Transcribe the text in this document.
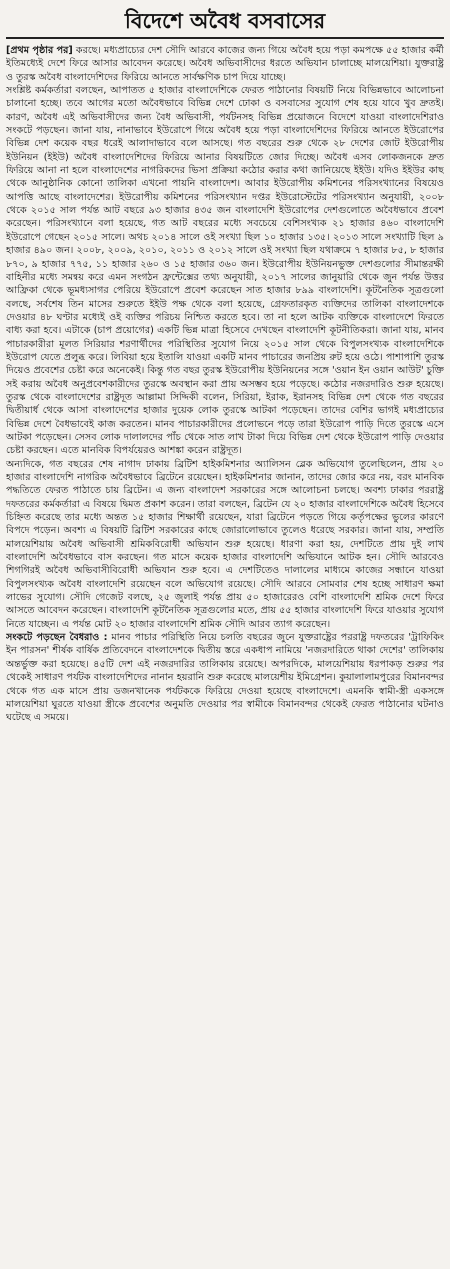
বিদেশে অবৈধ বসবাসের

[প্রথম পৃষ্ঠার পর] করছে। মধ্যপ্রাচ্যের দেশ সৌদি আরবে কাজের জন্য গিয়ে অবৈধ হয়ে পড়া কমপক্ষে ৫৫ হাজার কর্মী ইতিমধ্যেই দেশে ফিরে আসার আবেদন করেছে। অবৈধ অভিবাসীদের ধরতে অভিযান চালাচ্ছে মালয়েশিয়া। যুক্তরাষ্ট্র ও তুরস্ক অবৈধ বাংলাদেশিদের ফিরিয়ে আনতে সার্বক্ষণিক চাপ দিয়ে যাচ্ছে।

সংশ্লিষ্ট কর্মকর্তারা বলছেন, আপাতত ৫ হাজার বাংলাদেশিকে ফেরত পাঠানোর বিষয়টি নিয়ে বিভিন্নভাবে আলোচনা চালানো হচ্ছে। তবে আগের মতো অবৈধভাবে বিভিন্ন দেশে ঢোকা ও বসবাসের সুযোগ শেষ হয়ে যাবে খুব দ্রুতই। কারণ, অবৈধ এই অভিবাসীদের জন্য বৈধ অভিবাসী, পর্যটনসহ বিভিন্ন প্রয়োজনে বিদেশে যাওয়া বাংলাদেশিরাও সংকটে পড়ছেন। জানা যায়, নানাভাবে ইউরোপে গিয়ে অবৈধ হয়ে পড়া বাংলাদেশিদের ফিরিয়ে আনতে ইউরোপের বিভিন্ন দেশ কয়েক বছর ধরেই আলাদাভাবে বলে আসছে। গত বছরের শুরু থেকে ২৮ দেশের জোট ইউরোপীয় ইউনিয়ন (ইইউ) অবৈধ বাংলাদেশিদের ফিরিয়ে আনার বিষয়টিতে জোর দিচ্ছে। অবৈধ এসব লোকজনকে দ্রুত ফিরিয়ে আনা না হলে বাংলাদেশের নাগরিকদের ভিসা প্রক্রিয়া কঠোর করার কথা জানিয়েছে ইইউ। যদিও ইইউর কাছ থেকে আনুষ্ঠানিক কোনো তালিকা এখনো পায়নি বাংলাদেশ। আবার ইউরোপীয় কমিশনের পরিসংখ্যানের বিষয়েও আপত্তি আছে বাংলাদেশের। ইউরোপীয় কমিশনের পরিসংখ্যান দপ্তর ইউরোস্টেটের পরিসংখ্যান অনুযায়ী, ২০০৮ থেকে ২০১৫ সাল পর্যন্ত আট বছরে ৯৩ হাজার ৪৩৫ জন বাংলাদেশি ইউরোপের দেশগুলোতে অবৈধভাবে প্রবেশ করেছেন। পরিসংখ্যানে বলা হয়েছে, গত আট বছরের মধ্যে সবচেয়ে বেশিসংখ্যক ২১ হাজার ৪৬০ বাংলাদেশি ইউরোপে গেছেন ২০১৫ সালে। অথচ ২০১৪ সালে ওই সংখ্যা ছিল ১০ হাজার ১৩৫। ২০১৩ সালে সংখ্যাটি ছিল ৯ হাজার ৪৯০ জন। ২০০৮, ২০০৯, ২০১০, ২০১১ ও ২০১২ সালে ওই সংখ্যা ছিল যথাক্রমে ৭ হাজার ৮৫, ৮ হাজার ৮৭০, ৯ হাজার ৭৭৫, ১১ হাজার ২৬০ ও ১৫ হাজার ৩৬০ জন। ইউরোপীয় ইউনিয়নভুক্ত দেশগুলোর সীমান্তরক্ষী বাহিনীর মধ্যে সমন্বয় করে এমন সংগঠন ফ্রন্টেক্সের তথ্য অনুযায়ী, ২০১৭ সালের জানুয়ারি থেকে জুন পর্যন্ত উত্তর আফ্রিকা থেকে ভূমধ্যসাগর পেরিয়ে ইউরোপে প্রবেশ করেছেন সাত হাজার ৮৯৯ বাংলাদেশি। কূটনৈতিক সূত্রগুলো বলছে, সর্বশেষ তিন মাসের শুরুতে ইইউ পক্ষ থেকে বলা হয়েছে, গ্রেফতারকৃত ব্যক্তিদের তালিকা বাংলাদেশকে দেওয়ার ৪৮ ঘণ্টার মধ্যেই ওই ব্যক্তির পরিচয় নিশ্চিত করতে হবে। তা না হলে আটক ব্যক্তিকে বাংলাদেশে ফিরতে বাধ্য করা হবে। এটাকে (চাপ প্রয়োগের) একটি ভিন্ন মাত্রা হিসেবে দেখছেন বাংলাদেশি কূটনীতিকরা। জানা যায়, মানব পাচারকারীরা মূলত সিরিয়ার শরণার্থীদের পরিস্থিতির সুযোগ নিয়ে ২০১৫ সাল থেকে বিপুলসংখ্যক বাংলাদেশিকে ইউরোপ যেতে প্রলুব্ধ করে। লিবিয়া হয়ে ইতালি যাওয়া একটি মানব পাচারের জনপ্রিয় রুট হয়ে ওঠে। পাশাপাশি তুরস্ক দিয়েও প্রবেশের চেষ্টা করে অনেকেই। কিন্তু গত বছর তুরস্ক ইউরোপীয় ইউনিয়নের সঙ্গে 'ওয়ান ইন ওয়ান আউট' চুক্তি সই করায় অবৈধ অনুপ্রবেশকারীদের তুরস্কে অবস্থান করা প্রায় অসম্ভব হয়ে পড়েছে। কঠোর নজরদারিও শুরু হয়েছে। তুরস্ক থেকে বাংলাদেশের রাষ্ট্রদূত আল্লামা সিদ্দিকী বলেন, সিরিয়া, ইরাক, ইরানসহ বিভিন্ন দেশ থেকে গত বছরের দ্বিতীয়ার্ধ থেকে আসা বাংলাদেশের হাজার দুয়েক লোক তুরস্কে আটকা পড়েছেন। তাদের বেশির ভাগই মধ্যপ্রাচ্যের বিভিন্ন দেশে বৈধভাবেই কাজ করতেন। মানব পাচারকারীদের প্রলোভনে পড়ে তারা ইউরোপ পাড়ি দিতে তুরস্কে এসে আটকা পড়েছেন। সেসব লোক দালালদের পাঁচ থেকে সাত লাখ টাকা দিয়ে বিভিন্ন দেশ থেকে ইউরোপ পাড়ি দেওয়ার চেষ্টা করছেন। এতে মানবিক বিপর্যয়েরও আশঙ্কা করেন রাষ্ট্রদূত।

অন্যদিকে, গত বছরের শেষ নাগাদ ঢাকায় ব্রিটিশ হাইকমিশনার অ্যালিসন ব্লেক অভিযোগ তুলেছিলেন, প্রায় ২০ হাজার বাংলাদেশি নাগরিক অবৈধভাবে ব্রিটেনে রয়েছেন। হাইকমিশনার জানান, তাদের জোর করে নয়, বরং মানবিক পদ্ধতিতে ফেরত পাঠাতে চায় ব্রিটেন। এ জন্য বাংলাদেশ সরকারের সঙ্গে আলোচনা চলছে। অবশ্য ঢাকার পররাষ্ট্র দফতরের কর্মকর্তারা এ বিষয়ে দ্বিমত প্রকাশ করেন। তারা বলছেন, ব্রিটেন যে ২০ হাজার বাংলাদেশিকে অবৈধ হিসেবে চিহ্নিত করেছে তার মধ্যে অন্তত ১৫ হাজার শিক্ষার্থী রয়েছেন, যারা ব্রিটেনে পড়তে গিয়ে কর্তৃপক্ষের ভুলের কারণে বিপদে পড়েন। অবশ্য এ বিষয়টি ব্রিটিশ সরকারের কাছে জোরালোভাবে তুলেও ধরেছে সরকার। জানা যায়, সম্প্রতি মালয়েশিয়ায় অবৈধ অভিবাসী শ্রমিকবিরোধী অভিযান শুরু হয়েছে। ধারণা করা হয়, দেশটিতে প্রায় দুই লাখ বাংলাদেশি অবৈধভাবে বাস করছেন। গত মাসে কয়েক হাজার বাংলাদেশি অভিযানে আটক হন। সৌদি আরবেও শিগগিরই অবৈধ অভিবাসীবিরোধী অভিযান শুরু হবে। এ দেশটিতেও দালালের মাধ্যমে কাজের সন্ধানে যাওয়া বিপুলসংখ্যক অবৈধ বাংলাদেশি রয়েছেন বলে অভিযোগ রয়েছে। সৌদি আরবে সোমবার শেষ হচ্ছে সাধারণ ক্ষমা লাভের সুযোগ। সৌদি গেজেট বলছে, ২৫ জুলাই পর্যন্ত প্রায় ৫০ হাজারেরও বেশি বাংলাদেশি শ্রমিক দেশে ফিরে আসতে আবেদন করেছেন। বাংলাদেশি কূটনৈতিক সূত্রগুলোর মতে, প্রায় ৫৫ হাজার বাংলাদেশি ফিরে যাওয়ার সুযোগ নিতে যাচ্ছেন। এ পর্যন্ত মোট ২০ হাজার বাংলাদেশি শ্রমিক সৌদি আরব ত্যাগ করেছেন।

সংকটে পড়ছেন বৈধরাও : মানব পাচার পরিস্থিতি নিয়ে চলতি বছরের জুনে যুক্তরাষ্ট্রের পররাষ্ট্র দফতরের 'ট্রাফিকিং ইন পারসন' শীর্ষক বার্ষিক প্রতিবেদনে বাংলাদেশকে দ্বিতীয় স্তরে একধাপ নামিয়ে 'নজরদারিতে থাকা দেশের' তালিকায় অন্তর্ভুক্ত করা হয়েছে। ৪৫টি দেশ এই নজরদারির তালিকায় রয়েছে। অপরদিকে, মালয়েশিয়ায় ধরপাকড় শুরুর পর থেকেই সাধারণ পর্যটক বাংলাদেশিদের নানান হয়রানি শুরু করেছে মালয়েশীয় ইমিগ্রেশন। কুয়ালালামপুরের বিমানবন্দর থেকে গত এক মাসে প্রায় ডজনখানেক পর্যটককে ফিরিয়ে দেওয়া হয়েছে বাংলাদেশে। এমনকি স্বামী-স্ত্রী একসঙ্গে মালয়েশিয়া ঘুরতে যাওয়া স্ত্রীকে প্রবেশের অনুমতি দেওয়ার পর স্বামীকে বিমানবন্দর থেকেই ফেরত পাঠানোর ঘটনাও ঘটেছে এ সময়ে।
